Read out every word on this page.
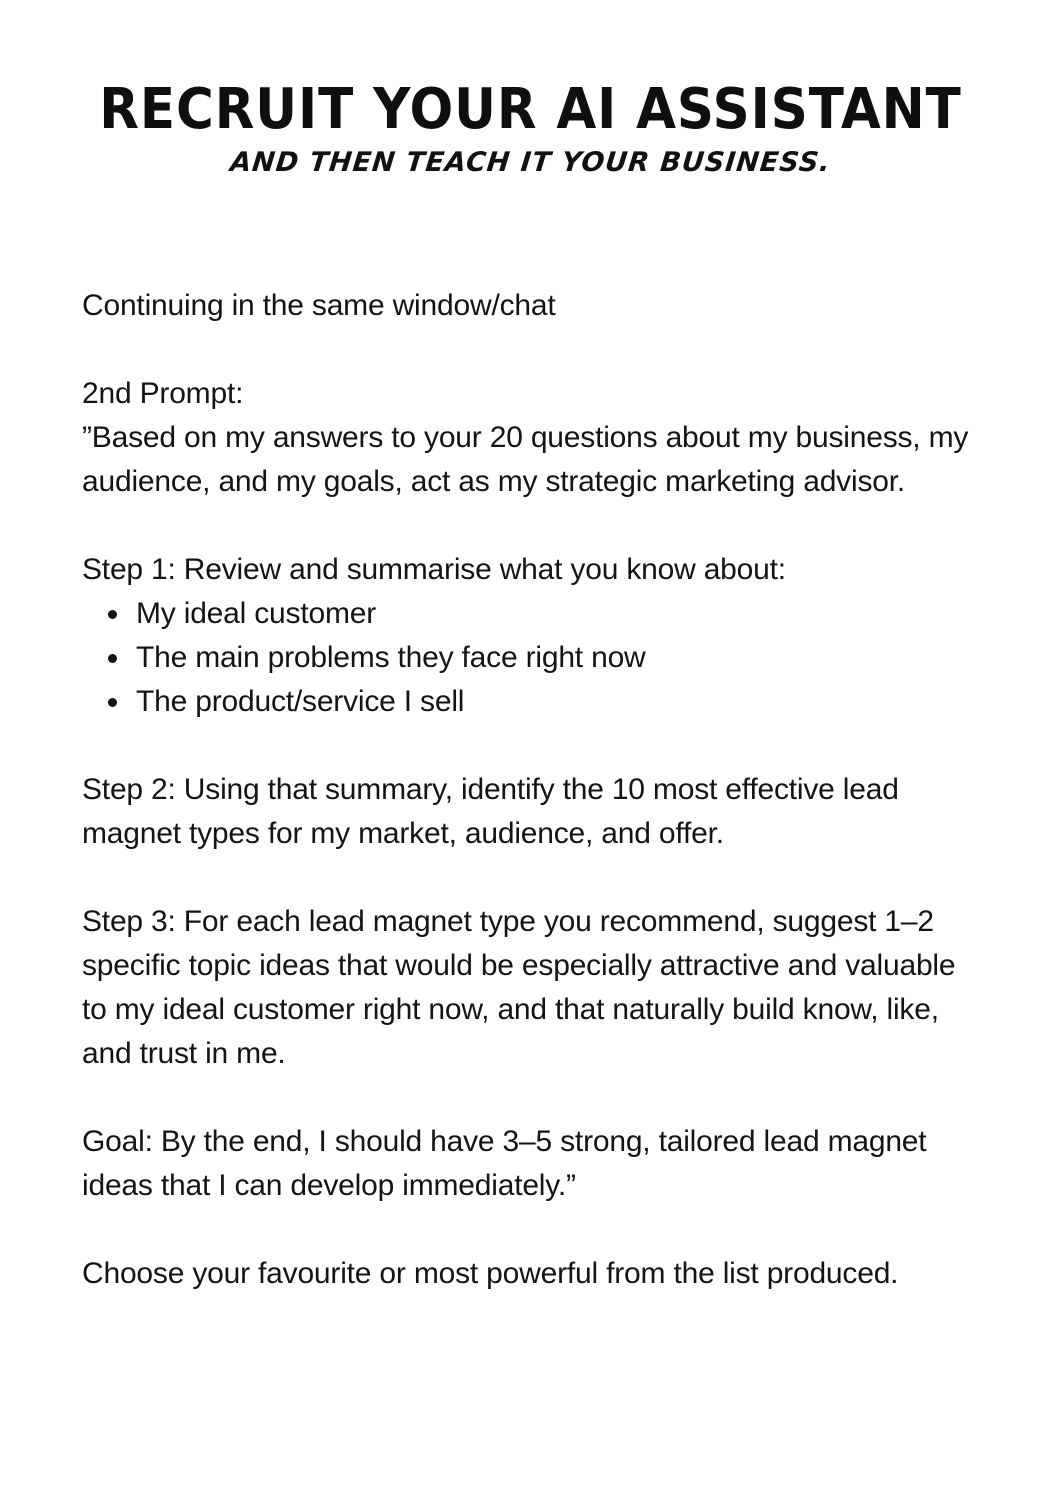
RECRUIT YOUR AI ASSISTANT
AND THEN TEACH IT YOUR BUSINESS.

Continuing in the same window/chat

2nd Prompt:

”Based on my answers to your 20 questions about my business, my audience, and my goals, act as my strategic marketing advisor.

Step 1: Review and summarise what you know about:

My ideal customer
The main problems they face right now
The product/service I sell

Step 2: Using that summary, identify the 10 most effective lead magnet types for my market, audience, and offer.

Step 3: For each lead magnet type you recommend, suggest 1–2 specific topic ideas that would be especially attractive and valuable to my ideal customer right now, and that naturally build know, like, and trust in me.

Goal: By the end, I should have 3–5 strong, tailored lead magnet ideas that I can develop immediately.”

Choose your favourite or most powerful from the list produced.
